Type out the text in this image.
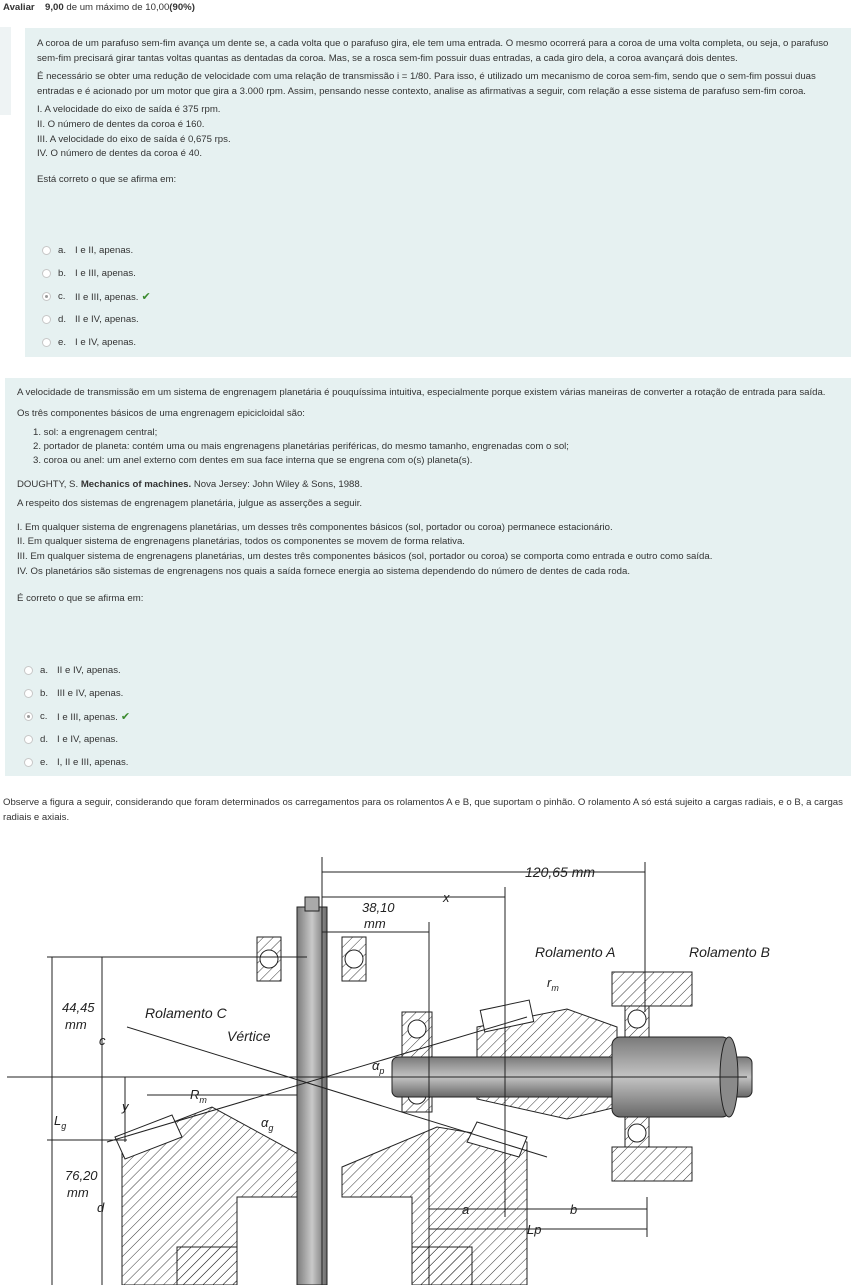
Avaliar 9,00 de um máximo de 10,00(90%)

A coroa de um parafuso sem-fim avança um dente se, a cada volta que o parafuso gira, ele tem uma entrada. O mesmo ocorrerá para a coroa de uma volta completa, ou seja, o parafuso sem-fim precisará girar tantas voltas quantas as dentadas da coroa. Mas, se a rosca sem-fim possuir duas entradas, a cada giro dela, a coroa avançará dois dentes.

É necessário se obter uma redução de velocidade com uma relação de transmissão i = 1/80. Para isso, é utilizado um mecanismo de coroa sem-fim, sendo que o sem-fim possui duas entradas e é acionado por um motor que gira a 3.000 rpm. Assim, pensando nesse contexto, analise as afirmativas a seguir, com relação a esse sistema de parafuso sem-fim coroa.

I. A velocidade do eixo de saída é 375 rpm.
II. O número de dentes da coroa é 160.
III. A velocidade do eixo de saída é 0,675 rps.
IV. O número de dentes da coroa é 40.

Está correto o que se afirma em:

a. I e II, apenas.
b. I e III, apenas.
c. II e III, apenas. ✔
d. II e IV, apenas.
e. I e IV, apenas.

A velocidade de transmissão em um sistema de engrenagem planetária é pouquíssima intuitiva, especialmente porque existem várias maneiras de converter a rotação de entrada para saída.

Os três componentes básicos de uma engrenagem epicicloidal são:

1. sol: a engrenagem central;
2. portador de planeta: contém uma ou mais engrenagens planetárias periféricas, do mesmo tamanho, engrenadas com o sol;
3. coroa ou anel: um anel externo com dentes em sua face interna que se engrena com o(s) planeta(s).

DOUGHTY, S. Mechanics of machines. Nova Jersey: John Wiley & Sons, 1988.

A respeito dos sistemas de engrenagem planetária, julgue as asserções a seguir.

I. Em qualquer sistema de engrenagens planetárias, um desses três componentes básicos (sol, portador ou coroa) permanece estacionário.
II. Em qualquer sistema de engrenagens planetárias, todos os componentes se movem de forma relativa.
III. Em qualquer sistema de engrenagens planetárias, um destes três componentes básicos (sol, portador ou coroa) se comporta como entrada e outro como saída.
IV. Os planetários são sistemas de engrenagens nos quais a saída fornece energia ao sistema dependendo do número de dentes de cada roda.

É correto o que se afirma em:

a. II e IV, apenas.
b. III e IV, apenas.
c. I e III, apenas. ✔
d. I e IV, apenas.
e. I, II e III, apenas.
Observe a figura a seguir, considerando que foram determinados os carregamentos para os rolamentos A e B, que suportam o pinhão. O rolamento A só está sujeito a cargas radiais, e o B, a cargas radiais e axiais.
120,65 mm
38,10
mm
x
Rolamento A	Rolamento B
Rolamento C
Vértice
$r_m$
$\alpha_p$
$\alpha_g$
$R_m$
44,45
mm
c
y
$L_g$
76,20
mm
d	a	b
Lp
